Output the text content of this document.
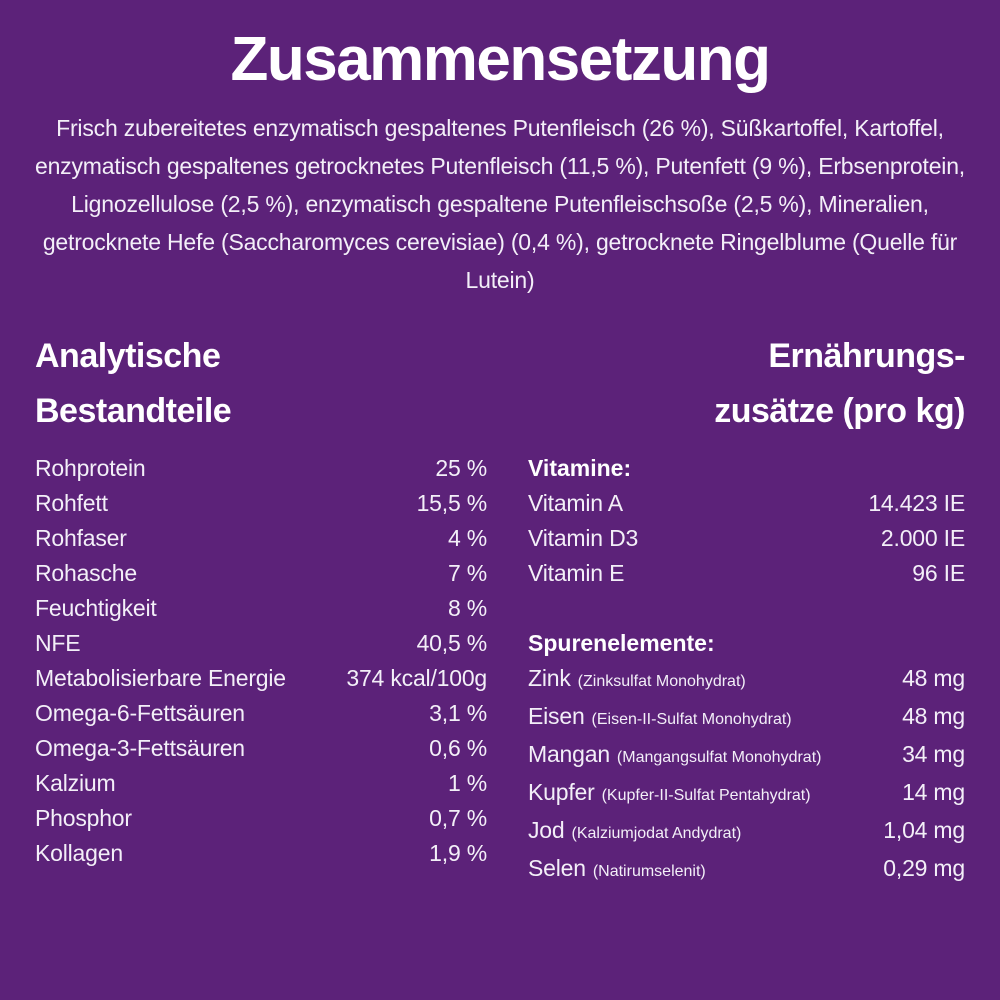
Zusammensetzung

Frisch zubereitetes enzymatisch gespaltenes Putenfleisch (26 %), Süßkartoffel, Kartoffel, enzymatisch gespaltenes getrocknetes Putenfleisch (11,5 %), Putenfett (9 %), Erbsenprotein, Lignozellulose (2,5 %), enzymatisch gespaltene Putenfleischsoße (2,5 %), Mineralien, getrocknete Hefe (Saccharomyces cerevisiae) (0,4 %), getrocknete Ringelblume (Quelle für Lutein)

Analytische
Bestandteile
Ernährungs-
zusätze (pro kg)
Rohprotein	25 %
Rohfett	15,5 %
Rohfaser	4 %
Rohasche	7 %
Feuchtigkeit	8 %
NFE	40,5 %
Metabolisierbare Energie	374 kcal/100g
Omega-6-Fettsäuren	3,1 %
Omega-3-Fettsäuren	0,6 %
Kalzium	1 %
Phosphor	0,7 %
Kollagen	1,9 %
Vitamine:
Vitamin A	14.423 IE
Vitamin D3	2.000 IE
Vitamin E	96 IE
Spurenelemente:
Zink (Zinksulfat Monohydrat)	48 mg
Eisen (Eisen-II-Sulfat Monohydrat)	48 mg
Mangan (Mangangsulfat Monohydrat)	34 mg
Kupfer (Kupfer-II-Sulfat Pentahydrat)	14 mg
Jod (Kalziumjodat Andydrat)	1,04 mg
Selen (Natirumselenit)	0,29 mg
